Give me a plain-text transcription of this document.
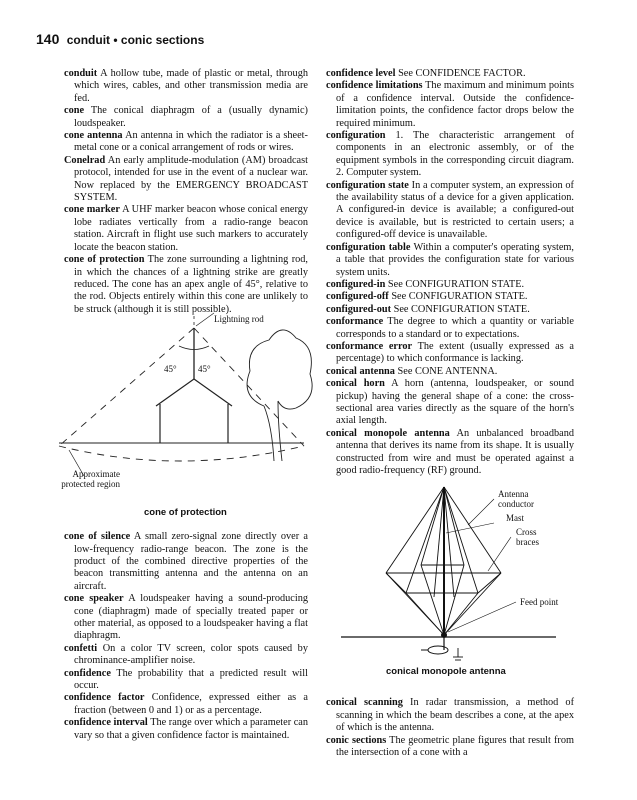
140 conduit • conic sections

conduit A hollow tube, made of plastic or metal, through which wires, cables, and other transmission media are fed.

cone The conical diaphragm of a (usually dynamic) loudspeaker.

cone antenna An antenna in which the radiator is a sheet-metal cone or a conical arrangement of rods or wires.

Conelrad An early amplitude-modulation (AM) broadcast protocol, intended for use in the event of a nuclear war. Now replaced by the EMERGENCY BROADCAST SYSTEM.

cone marker A UHF marker beacon whose conical energy lobe radiates vertically from a radio-range beacon station. Aircraft in flight use such markers to accurately locate the beacon station.

cone of protection The zone surrounding a lightning rod, in which the chances of a lightning strike are greatly reduced. The cone has an apex angle of 45°, relative to the rod. Objects entirely within this cone are unlikely to be struck (although it is still possible).

Lightning rod
45° 45°
Approximate protected region
cone of protection

cone of silence A small zero-signal zone directly over a low-frequency radio-range beacon. The zone is the product of the combined directive properties of the beacon transmitting antenna and the antenna on an aircraft.

cone speaker A loudspeaker having a sound-producing cone (diaphragm) made of specially treated paper or other material, as opposed to a loudspeaker having a flat diaphragm.

confetti On a color TV screen, color spots caused by chrominance-amplifier noise.

confidence The probability that a predicted result will occur.

confidence factor Confidence, expressed either as a fraction (between 0 and 1) or as a percentage.

confidence interval The range over which a parameter can vary so that a given confidence factor is maintained.

confidence level See CONFIDENCE FACTOR.

confidence limitations The maximum and minimum points of a confidence interval. Outside the confidence-limitation points, the confidence factor drops below the required minimum.

configuration 1. The characteristic arrangement of components in an electronic assembly, or of the equipment symbols in the corresponding circuit diagram. 2. Computer system.

configuration state In a computer system, an expression of the availability status of a device for a given application. A configured-in device is available; a configured-out device is available, but is restricted to certain users; a configured-off device is unavailable.

configuration table Within a computer's operating system, a table that provides the configuration state for various system units.

configured-in See CONFIGURATION STATE.

configured-off See CONFIGURATION STATE.

configured-out See CONFIGURATION STATE.

conformance The degree to which a quantity or variable corresponds to a standard or to expectations.

conformance error The extent (usually expressed as a percentage) to which conformance is lacking.

conical antenna See CONE ANTENNA.

conical horn A horn (antenna, loudspeaker, or sound pickup) having the general shape of a cone: the cross-sectional area varies directly as the square of the horn's axial length.

conical monopole antenna An unbalanced broadband antenna that derives its name from its shape. It is usually constructed from wire and must be operated against a good radio-frequency (RF) ground.

Antenna conductor
Mast
Cross braces
Feed point
conical monopole antenna

conical scanning In radar transmission, a method of scanning in which the beam describes a cone, at the apex of which is the antenna.

conic sections The geometric plane figures that result from the intersection of a cone with a
